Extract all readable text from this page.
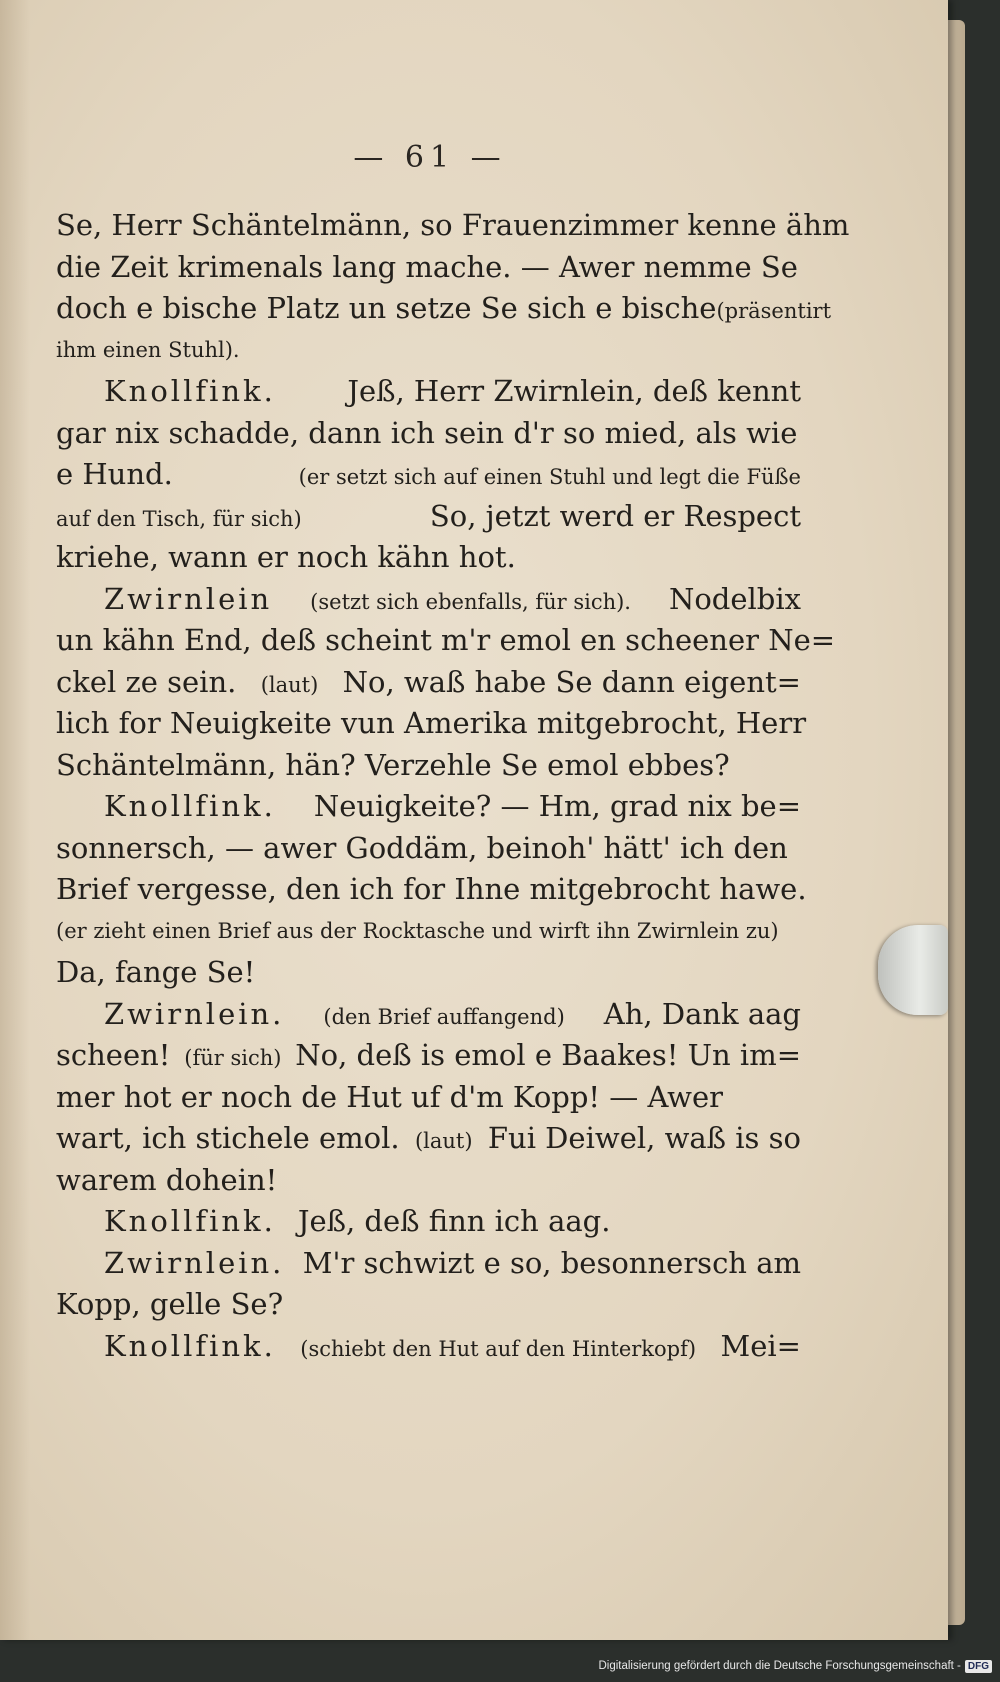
— 61 —
Se, Herr Schäntelmänn, so Frauenzimmer kenne ähm
die Zeit krimenals lang mache. — Awer nemme Se
doch e bische Platz un setze Se sich e bische (präsentirt
ihm einen Stuhl).
Knollfink. Jeß, Herr Zwirnlein, deß kennt
gar nix schadde, dann ich sein d'r so mied, als wie
e Hund.	(er setzt sich auf einen Stuhl und legt die Füße
auf den Tisch, für sich)	So, jetzt werd er Respect
kriehe, wann er noch kähn hot.
Zwirnlein (setzt sich ebenfalls, für sich). Nodelbix
un kähn End, deß scheint m'r emol en scheener Ne=
ckel ze sein. (laut) No, waß habe Se dann eigent=
lich for Neuigkeite vun Amerika mitgebrocht, Herr
Schäntelmänn, hän? Verzehle Se emol ebbes?
Knollfink. Neuigkeite? — Hm, grad nix be=
sonnersch, — awer Goddäm, beinoh' hätt' ich den
Brief vergesse, den ich for Ihne mitgebrocht hawe.
(er zieht einen Brief aus der Rocktasche und wirft ihn Zwirnlein zu)
Da, fange Se!
Zwirnlein. (den Brief auffangend) Ah, Dank aag
scheen! (für sich) No, deß is emol e Baakes! Un im=
mer hot er noch de Hut uf d'm Kopp! — Awer
wart, ich stichele emol. (laut) Fui Deiwel, waß is so
warem dohein!
Knollfink. Jeß, deß finn ich aag.
Zwirnlein. M'r schwizt e so, besonnersch am
Kopp, gelle Se?
Knollfink. (schiebt den Hut auf den Hinterkopf) Mei=
Digitalisierung gefördert durch die Deutsche Forschungsgemeinschaft - DFG
